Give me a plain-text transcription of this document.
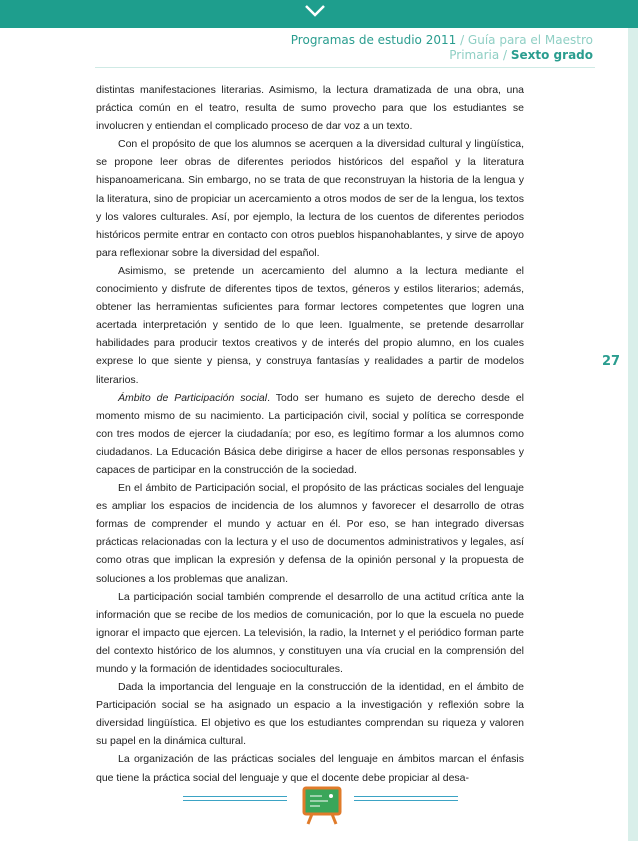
Programas de estudio 2011 / Guía para el Maestro
Primaria / Sexto grado
27

distintas manifestaciones literarias. Asimismo, la lectura dramatizada de una obra, una práctica común en el teatro, resulta de sumo provecho para que los estudiantes se involucren y entiendan el complicado proceso de dar voz a un texto.

Con el propósito de que los alumnos se acerquen a la diversidad cultural y lingüística, se propone leer obras de diferentes periodos históricos del español y la literatura hispanoamericana. Sin embargo, no se trata de que reconstruyan la historia de la lengua y la literatura, sino de propiciar un acercamiento a otros modos de ser de la lengua, los textos y los valores culturales. Así, por ejemplo, la lectura de los cuentos de diferentes periodos históricos permite entrar en contacto con otros pueblos hispanohablantes, y sirve de apoyo para reflexionar sobre la diversidad del español.

Asimismo, se pretende un acercamiento del alumno a la lectura mediante el conocimiento y disfrute de diferentes tipos de textos, géneros y estilos literarios; además, obtener las herramientas suficientes para formar lectores competentes que logren una acertada interpretación y sentido de lo que leen. Igualmente, se pretende desarrollar habilidades para producir textos creativos y de interés del propio alumno, en los cuales exprese lo que siente y piensa, y construya fantasías y realidades a partir de modelos literarios.

Ámbito de Participación social. Todo ser humano es sujeto de derecho desde el momento mismo de su nacimiento. La participación civil, social y política se corresponde con tres modos de ejercer la ciudadanía; por eso, es legítimo formar a los alumnos como ciudadanos. La Educación Básica debe dirigirse a hacer de ellos personas responsables y capaces de participar en la construcción de la sociedad.

En el ámbito de Participación social, el propósito de las prácticas sociales del lenguaje es ampliar los espacios de incidencia de los alumnos y favorecer el desarrollo de otras formas de comprender el mundo y actuar en él. Por eso, se han integrado diversas prácticas relacionadas con la lectura y el uso de documentos administrativos y legales, así como otras que implican la expresión y defensa de la opinión personal y la propuesta de soluciones a los problemas que analizan.

La participación social también comprende el desarrollo de una actitud crítica ante la información que se recibe de los medios de comunicación, por lo que la escuela no puede ignorar el impacto que ejercen. La televisión, la radio, la Internet y el periódico forman parte del contexto histórico de los alumnos, y constituyen una vía crucial en la comprensión del mundo y la formación de identidades socioculturales.

Dada la importancia del lenguaje en la construcción de la identidad, en el ámbito de Participación social se ha asignado un espacio a la investigación y reflexión sobre la diversidad lingüística. El objetivo es que los estudiantes comprendan su riqueza y valoren su papel en la dinámica cultural.

La organización de las prácticas sociales del lenguaje en ámbitos marcan el énfasis que tiene la práctica social del lenguaje y que el docente debe propiciar al desa-
